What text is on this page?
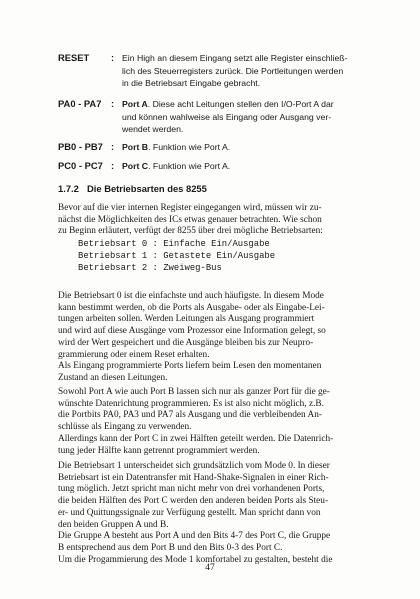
RESET : Ein High an diesem Eingang setzt alle Register einschließ-
lich des Steuerregisters zurück. Die Portleitungen werden
in die Betriebsart Eingabe gebracht.
PA0 - PA7 : Port A. Diese acht Leitungen stellen den I/O-Port A dar
und können wahlweise als Eingang oder Ausgang ver-
wendet werden.
PB0 - PB7 : Port B. Funktion wie Port A.
PC0 - PC7 : Port C. Funktion wie Port A.
1.7.2 Die Betriebsarten des 8255
Bevor auf die vier internen Register eingegangen wird, müssen wir zu-
nächst die Möglichkeiten des ICs etwas genauer betrachten. Wie schon
zu Beginn erläutert, verfügt der 8255 über drei mögliche Betriebsarten:
Betriebsart 0 : Einfache Ein/Ausgabe
Betriebsart 1 : Getastete Ein/Ausgabe
Betriebsart 2 : Zweiweg-Bus
Die Betriebsart 0 ist die einfachste und auch häufigste. In diesem Mode
kann bestimmt werden, ob die Ports als Ausgabe- oder als Eingabe-Lei-
tungen arbeiten sollen. Werden Leitungen als Ausgang programmiert
und wird auf diese Ausgänge vom Prozessor eine Information gelegt, so
wird der Wert gespeichert und die Ausgänge bleiben bis zur Neupro-
grammierung oder einem Reset erhalten.
Als Eingang programmierte Ports liefern beim Lesen den momentanen
Zustand an diesen Leitungen.
Sowohl Port A wie auch Port B lassen sich nur als ganzer Port für die ge-
wünschte Datenrichtung programmieren. Es ist also nicht möglich, z.B.
die Portbits PA0, PA3 und PA7 als Ausgang und die verbleibenden An-
schlüsse als Eingang zu verwenden.
Allerdings kann der Port C in zwei Hälften geteilt werden. Die Datenrich-
tung jeder Hälfte kann getrennt programmiert werden.
Die Betriebsart 1 unterscheidet sich grundsätzlich vom Mode 0. In dieser
Betriebsart ist ein Datentransfer mit Hand-Shake-Signalen in einer Rich-
tung möglich. Jetzt spricht man nicht mehr von drei vorhandenen Ports,
die beiden Hälften des Port C werden den anderen beiden Ports als Steu-
er- und Quittungssignale zur Verfügung gestellt. Man spricht dann von
den beiden Gruppen A und B.
Die Gruppe A besteht aus Port A und den Bits 4-7 des Port C, die Gruppe
B entsprechend aus dem Port B und den Bits 0-3 des Port C.
Um die Progammierung des Mode 1 komfortabel zu gestalten, besteht die
47
